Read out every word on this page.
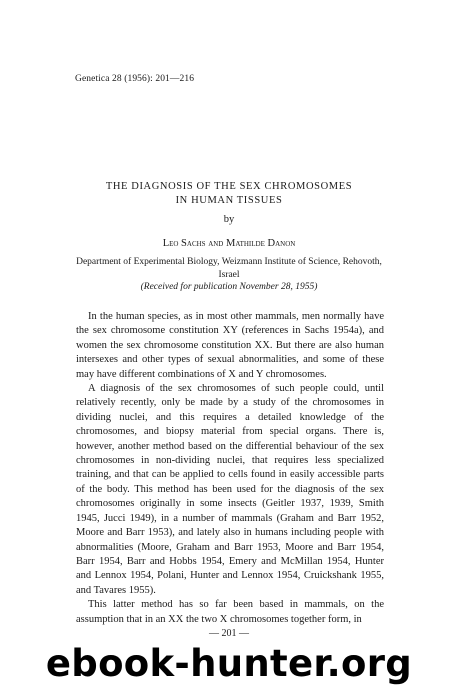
Genetica 28 (1956): 201—216
THE DIAGNOSIS OF THE SEX CHROMOSOMES
IN HUMAN TISSUES
by
Leo Sachs and Mathilde Danon
Department of Experimental Biology, Weizmann Institute of Science, Rehovoth, Israel
(Received for publication November 28, 1955)

In the human species, as in most other mammals, men normally have the sex chromosome constitution XY (references in Sachs 1954a), and women the sex chromosome constitution XX. But there are also human intersexes and other types of sexual abnormalities, and some of these may have different combinations of X and Y chromosomes.

A diagnosis of the sex chromosomes of such people could, until relatively recently, only be made by a study of the chromosomes in dividing nuclei, and this requires a detailed knowledge of the chromosomes, and biopsy material from special organs. There is, however, another method based on the differential behaviour of the sex chromosomes in non-dividing nuclei, that requires less specialized training, and that can be applied to cells found in easily accessible parts of the body. This method has been used for the diagnosis of the sex chromosomes originally in some insects (Geitler 1937, 1939, Smith 1945, Jucci 1949), in a number of mammals (Graham and Barr 1952, Moore and Barr 1953), and lately also in humans including people with abnormalities (Moore, Graham and Barr 1953, Moore and Barr 1954, Barr 1954, Barr and Hobbs 1954, Emery and McMillan 1954, Hunter and Lennox 1954, Polani, Hunter and Lennox 1954, Cruickshank 1955, and Tavares 1955).

This latter method has so far been based in mammals, on the assumption that in an XX the two X chromosomes together form, in

— 201 —
ebook-hunter.org
